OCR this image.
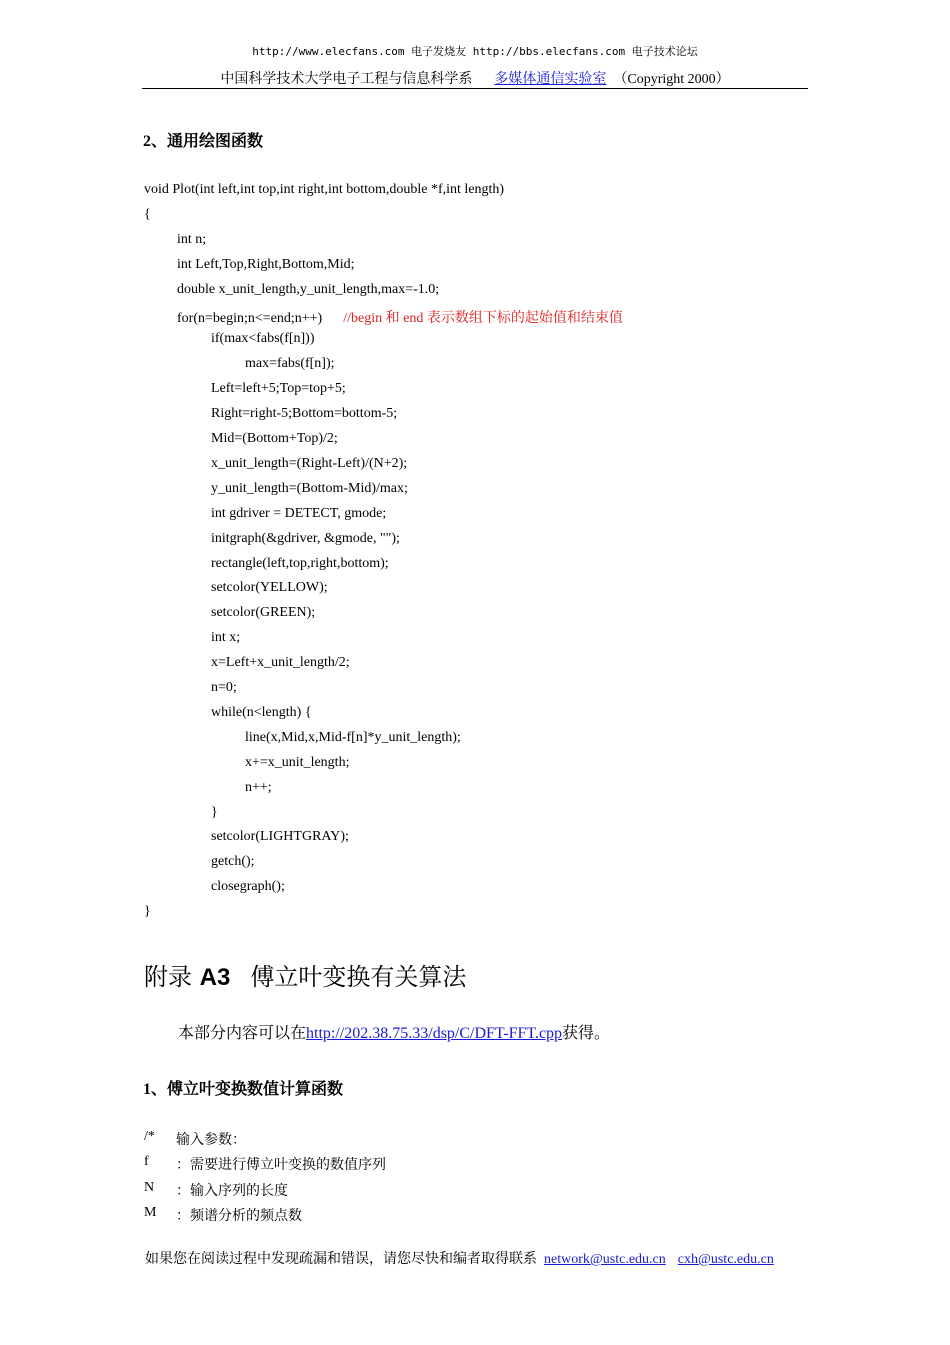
http://www.elecfans.com 电子发烧友 http://bbs.elecfans.com 电子技术论坛
中国科学技术大学电子工程与信息科学系 多媒体通信实验室 （Copyright 2000）
2、通用绘图函数
void Plot(int left,int top,int right,int bottom,double *f,int length)
{
int n;
int Left,Top,Right,Bottom,Mid;
double x_unit_length,y_unit_length,max=-1.0;
for(n=begin;n<=end;n++) //begin 和 end 表示数组下标的起始值和结束值
if(max<fabs(f[n]))
max=fabs(f[n]);
Left=left+5;Top=top+5;
Right=right-5;Bottom=bottom-5;
Mid=(Bottom+Top)/2;
x_unit_length=(Right-Left)/(N+2);
y_unit_length=(Bottom-Mid)/max;
int gdriver = DETECT, gmode;
initgraph(&gdriver, &gmode, "");
rectangle(left,top,right,bottom);
setcolor(YELLOW);
setcolor(GREEN);
int x;
x=Left+x_unit_length/2;
n=0;
while(n<length) {
line(x,Mid,x,Mid-f[n]*y_unit_length);
x+=x_unit_length;
n++;
}
setcolor(LIGHTGRAY);
getch();
closegraph();
}
附录 A3 傅立叶变换有关算法
本部分内容可以在http://202.38.75.33/dsp/C/DFT-FFT.cpp获得。
1、傅立叶变换数值计算函数
/* 输入参数：
f ：需要进行傅立叶变换的数值序列
N ：输入序列的长度
M ：频谱分析的频点数
如果您在阅读过程中发现疏漏和错误，请您尽快和编者取得联系 network@ustc.edu.cn cxh@ustc.edu.cn
